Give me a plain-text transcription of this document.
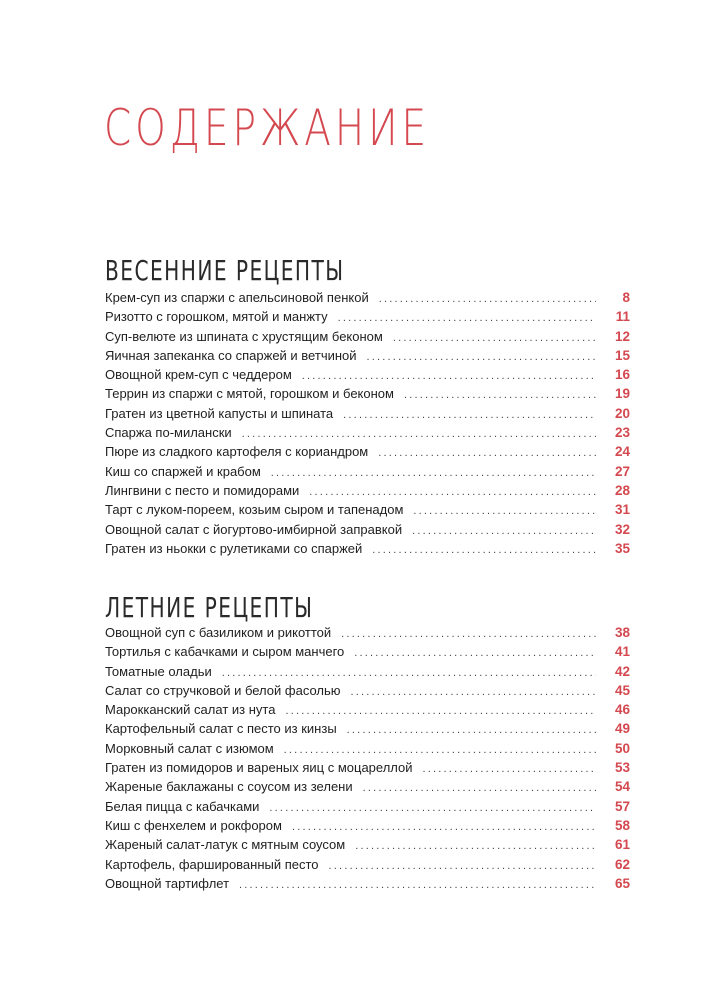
СОДЕРЖАНИЕ
ВЕСЕННИЕ РЕЦЕПТЫ
Крем-суп из спаржи с апельсиновой пенкой .....	8
Ризотто с горошком, мятой и манжту .....	11
Суп-велюте из шпината с хрустящим беконом .....	12
Яичная запеканка со спаржей и ветчиной .....	15
Овощной крем-суп с чеддером .....	16
Террин из спаржи с мятой, горошком и беконом .....	19
Гратен из цветной капусты и шпината .....	20
Спаржа по-милански .....	23
Пюре из сладкого картофеля с кориандром .....	24
Киш со спаржей и крабом .....	27
Лингвини с песто и помидорами .....	28
Тарт с луком-пореем, козьим сыром и тапенадом .....	31
Овощной салат с йогуртово-имбирной заправкой .....	32
Гратен из ньокки с рулетиками со спаржей .....	35
ЛЕТНИЕ РЕЦЕПТЫ
Овощной суп с базиликом и рикоттой .....	38
Тортилья с кабачками и сыром манчего .....	41
Томатные оладьи .....	42
Салат со стручковой и белой фасолью .....	45
Марокканский салат из нута .....	46
Картофельный салат с песто из кинзы .....	49
Морковный салат с изюмом .....	50
Гратен из помидоров и вареных яиц с моцареллой .....	53
Жареные баклажаны с соусом из зелени .....	54
Белая пицца с кабачками .....	57
Киш с фенхелем и рокфором .....	58
Жареный салат-латук с мятным соусом .....	61
Картофель, фаршированный песто .....	62
Овощной тартифлет .....	65
